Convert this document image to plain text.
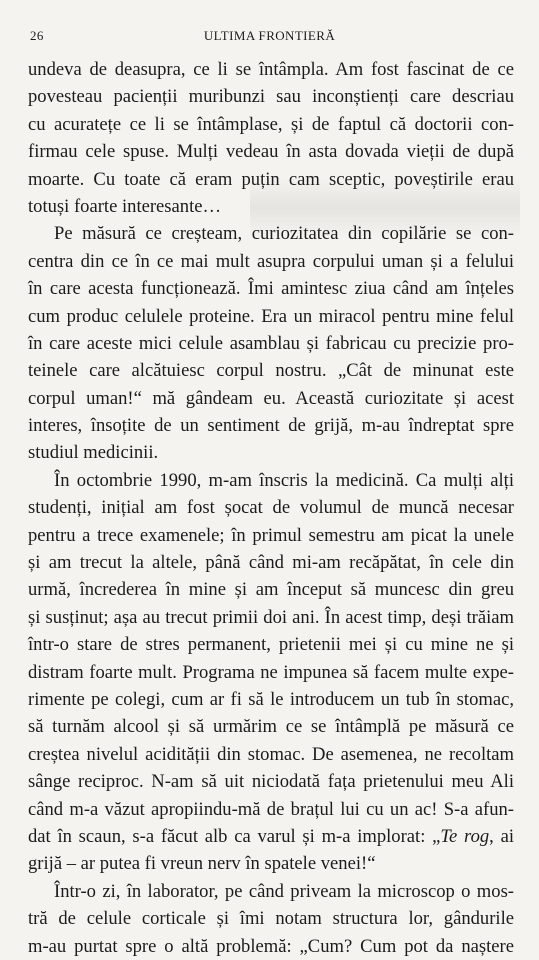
26	ULTIMA FRONTIERĂ
undeva de deasupra, ce li se întâmpla. Am fost fascinat de ce
povesteau pacienții muribunzi sau inconștienți care descriau
cu acuratețe ce li se întâmplase, și de faptul că doctorii con-
firmau cele spuse. Mulți vedeau în asta dovada vieții de după
moarte. Cu toate că eram puțin cam sceptic, poveștirile erau
totuși foarte interesante…
Pe măsură ce creșteam, curiozitatea din copilărie se con-
centra din ce în ce mai mult asupra corpului uman și a felului
în care acesta funcționează. Îmi amintesc ziua când am înțeles
cum produc celulele proteine. Era un miracol pentru mine felul
în care aceste mici celule asamblau și fabricau cu precizie pro-
teinele care alcătuiesc corpul nostru. „Cât de minunat este
corpul uman!“ mă gândeam eu. Această curiozitate și acest
interes, însoțite de un sentiment de grijă, m-au îndreptat spre
studiul medicinii.
În octombrie 1990, m-am înscris la medicină. Ca mulți alți
studenți, inițial am fost șocat de volumul de muncă necesar
pentru a trece examenele; în primul semestru am picat la unele
și am trecut la altele, până când mi-am recăpătat, în cele din
urmă, încrederea în mine și am început să muncesc din greu
și susținut; așa au trecut primii doi ani. În acest timp, deși trăiam
într-o stare de stres permanent, prietenii mei și cu mine ne și
distram foarte mult. Programa ne impunea să facem multe expe-
rimente pe colegi, cum ar fi să le introducem un tub în stomac,
să turnăm alcool și să urmărim ce se întâmplă pe măsură ce
creștea nivelul acidității din stomac. De asemenea, ne recoltam
sânge reciproc. N-am să uit niciodată fața prietenului meu Ali
când m-a văzut apropiindu-mă de brațul lui cu un ac! S-a afun-
dat în scaun, s-a făcut alb ca varul și m-a implorat: „Te rog, ai
grijă – ar putea fi vreun nerv în spatele venei!“
Într-o zi, în laborator, pe când priveam la microscop o mos-
tră de celule corticale și îmi notam structura lor, gândurile
m-au purtat spre o altă problemă: „Cum? Cum pot da naștere
